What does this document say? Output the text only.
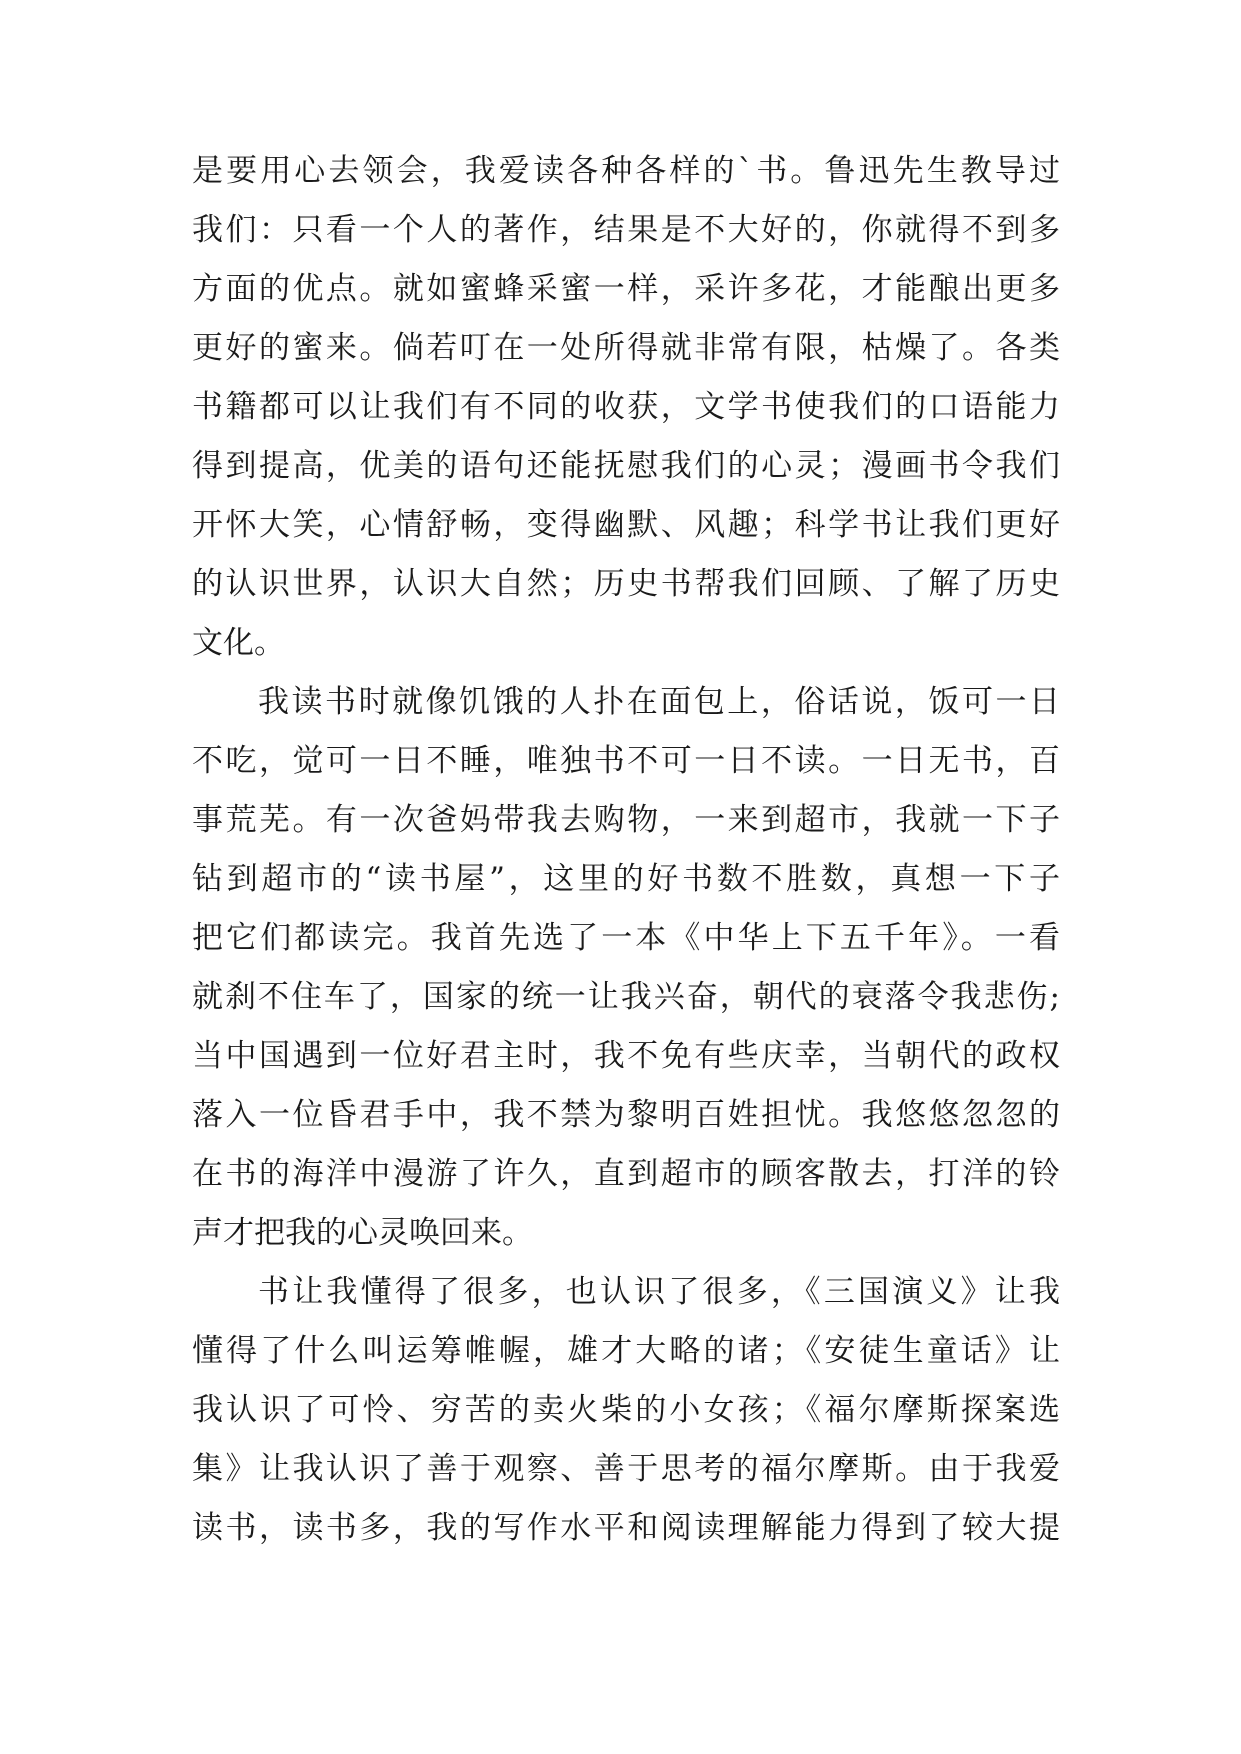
是要用心去领会，我爱读各种各样的`书。鲁迅先生教导过
我们：只看一个人的著作，结果是不大好的，你就得不到多
方面的优点。就如蜜蜂采蜜一样，采许多花，才能酿出更多
更好的蜜来。倘若叮在一处所得就非常有限，枯燥了。各类
书籍都可以让我们有不同的收获，文学书使我们的口语能力
得到提高，优美的语句还能抚慰我们的心灵；漫画书令我们
开怀大笑，心情舒畅，变得幽默、风趣；科学书让我们更好
的认识世界，认识大自然；历史书帮我们回顾、了解了历史
文化。
我读书时就像饥饿的人扑在面包上，俗话说，饭可一日
不吃，觉可一日不睡，唯独书不可一日不读。一日无书，百
事荒芜。有一次爸妈带我去购物，一来到超市，我就一下子
钻到超市的“读书屋”，这里的好书数不胜数，真想一下子
把它们都读完。我首先选了一本《中华上下五千年》。一看
就刹不住车了，国家的统一让我兴奋，朝代的衰落令我悲伤;
当中国遇到一位好君主时，我不免有些庆幸，当朝代的政权
落入一位昏君手中，我不禁为黎明百姓担忧。我悠悠忽忽的
在书的海洋中漫游了许久，直到超市的顾客散去，打洋的铃
声才把我的心灵唤回来。
书让我懂得了很多，也认识了很多，《三国演义》让我
懂得了什么叫运筹帷幄，雄才大略的诸；《安徒生童话》让
我认识了可怜、穷苦的卖火柴的小女孩；《福尔摩斯探案选
集》让我认识了善于观察、善于思考的福尔摩斯。由于我爱
读书，读书多，我的写作水平和阅读理解能力得到了较大提
